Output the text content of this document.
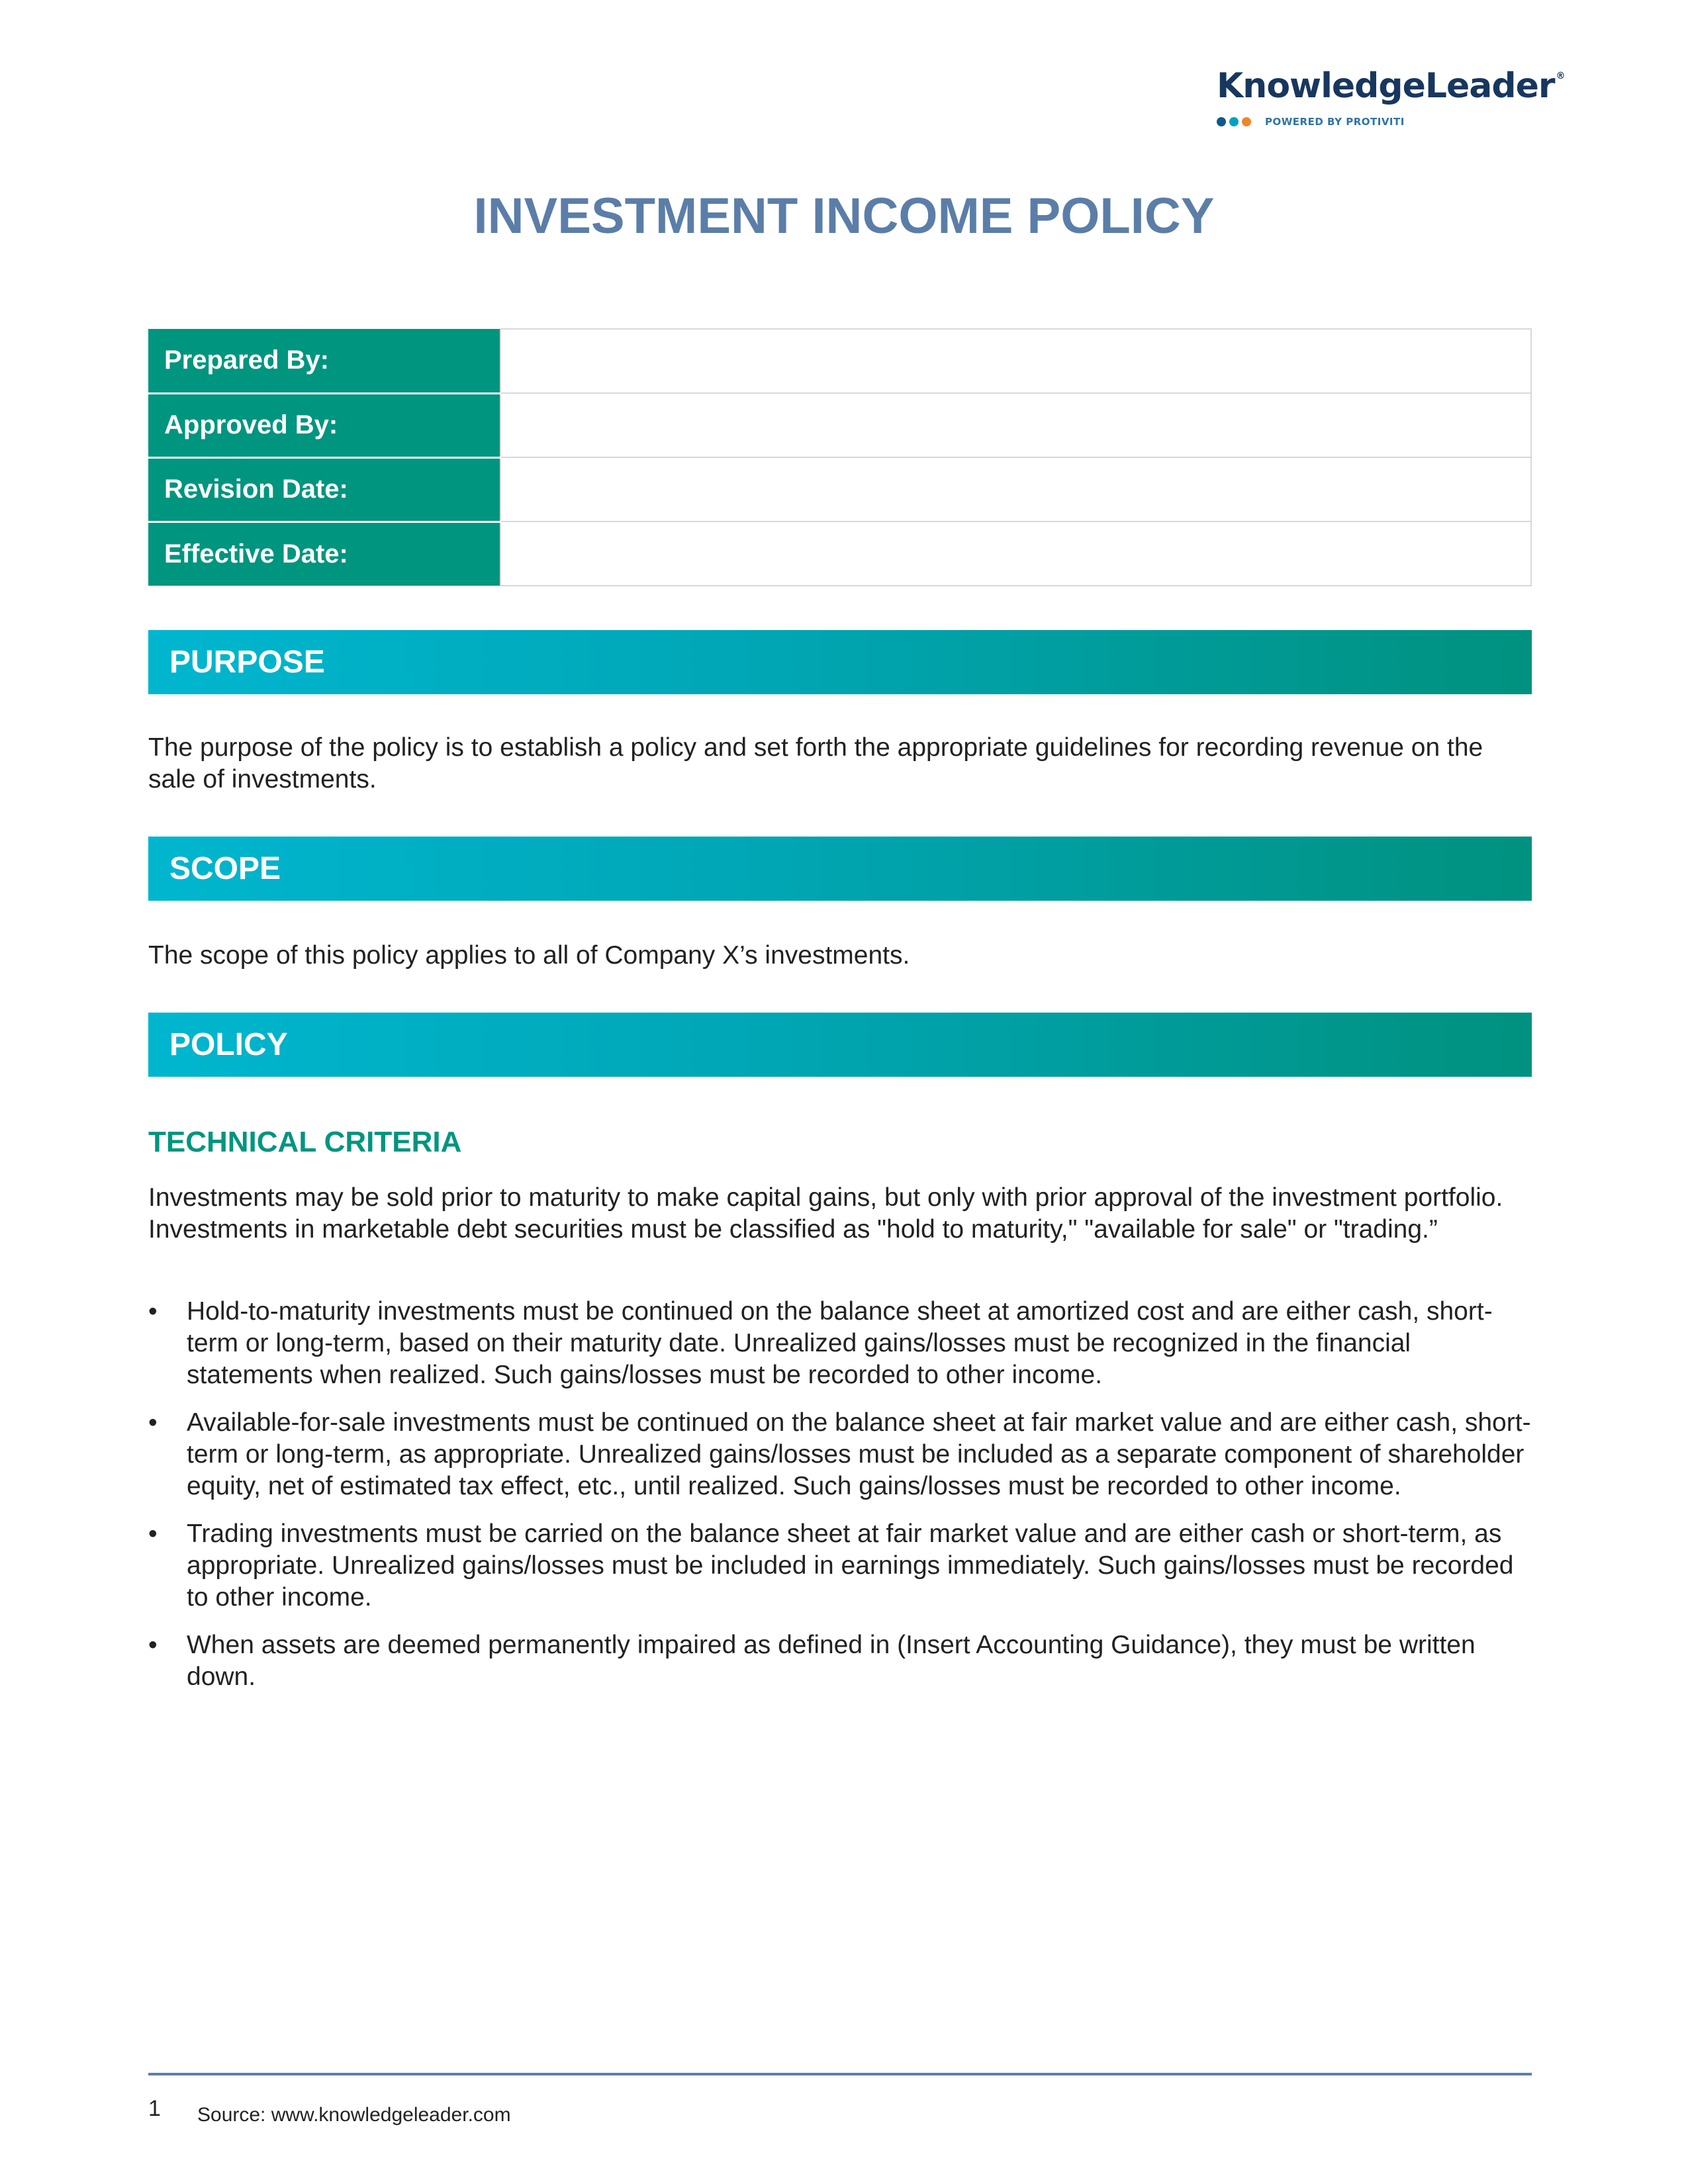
KnowledgeLeader ®
POWERED BY PROTIVITI
INVESTMENT INCOME POLICY
Prepared By:	
Approved By:	
Revision Date:	
Effective Date:	
PURPOSE

The purpose of the policy is to establish a policy and set forth the appropriate guidelines for recording revenue on the sale of investments.

SCOPE

The scope of this policy applies to all of Company X’s investments.

POLICY
TECHNICAL CRITERIA

Investments may be sold prior to maturity to make capital gains, but only with prior approval of the investment portfolio. Investments in marketable debt securities must be classified as "hold to maturity," "available for sale" or "trading.”

•	Hold-to-maturity investments must be continued on the balance sheet at amortized cost and are either cash, short-term or long-term, based on their maturity date. Unrealized gains/losses must be recognized in the financial statements when realized. Such gains/losses must be recorded to other income.
•	Available-for-sale investments must be continued on the balance sheet at fair market value and are either cash, short-term or long-term, as appropriate. Unrealized gains/losses must be included as a separate component of shareholder equity, net of estimated tax effect, etc., until realized. Such gains/losses must be recorded to other income.
•	Trading investments must be carried on the balance sheet at fair market value and are either cash or short-term, as appropriate. Unrealized gains/losses must be included in earnings immediately. Such gains/losses must be recorded to other income.
•	When assets are deemed permanently impaired as defined in (Insert Accounting Guidance), they must be written down.
1 Source: www.knowledgeleader.com
